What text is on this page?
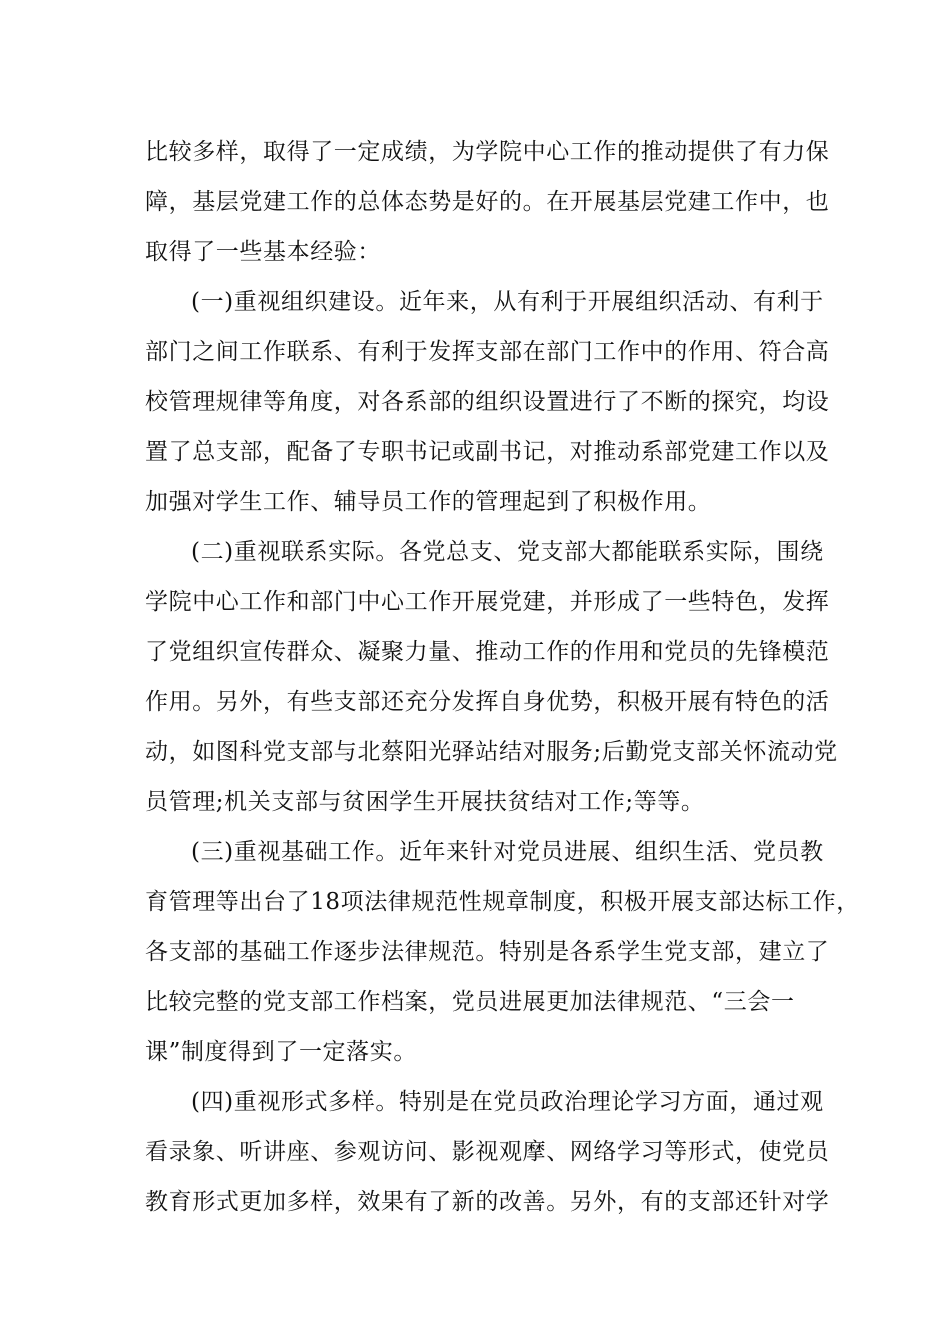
比较多样，取得了一定成绩，为学院中心工作的推动提供了有力保
障，基层党建工作的总体态势是好的。在开展基层党建工作中，也
取得了一些基本经验：
(一)重视组织建设。近年来，从有利于开展组织活动、有利于
部门之间工作联系、有利于发挥支部在部门工作中的作用、符合高
校管理规律等角度，对各系部的组织设置进行了不断的探究，均设
置了总支部，配备了专职书记或副书记，对推动系部党建工作以及
加强对学生工作、辅导员工作的管理起到了积极作用。
(二)重视联系实际。各党总支、党支部大都能联系实际，围绕
学院中心工作和部门中心工作开展党建，并形成了一些特色，发挥
了党组织宣传群众、凝聚力量、推动工作的作用和党员的先锋模范
作用。另外，有些支部还充分发挥自身优势，积极开展有特色的活
动，如图科党支部与北蔡阳光驿站结对服务;后勤党支部关怀流动党
员管理;机关支部与贫困学生开展扶贫结对工作;等等。
(三)重视基础工作。近年来针对党员进展、组织生活、党员教
育管理等出台了18项法律规范性规章制度，积极开展支部达标工作，
各支部的基础工作逐步法律规范。特别是各系学生党支部，建立了
比较完整的党支部工作档案，党员进展更加法律规范、“三会一
课”制度得到了一定落实。
(四)重视形式多样。特别是在党员政治理论学习方面，通过观
看录象、听讲座、参观访问、影视观摩、网络学习等形式，使党员
教育形式更加多样，效果有了新的改善。另外，有的支部还针对学
